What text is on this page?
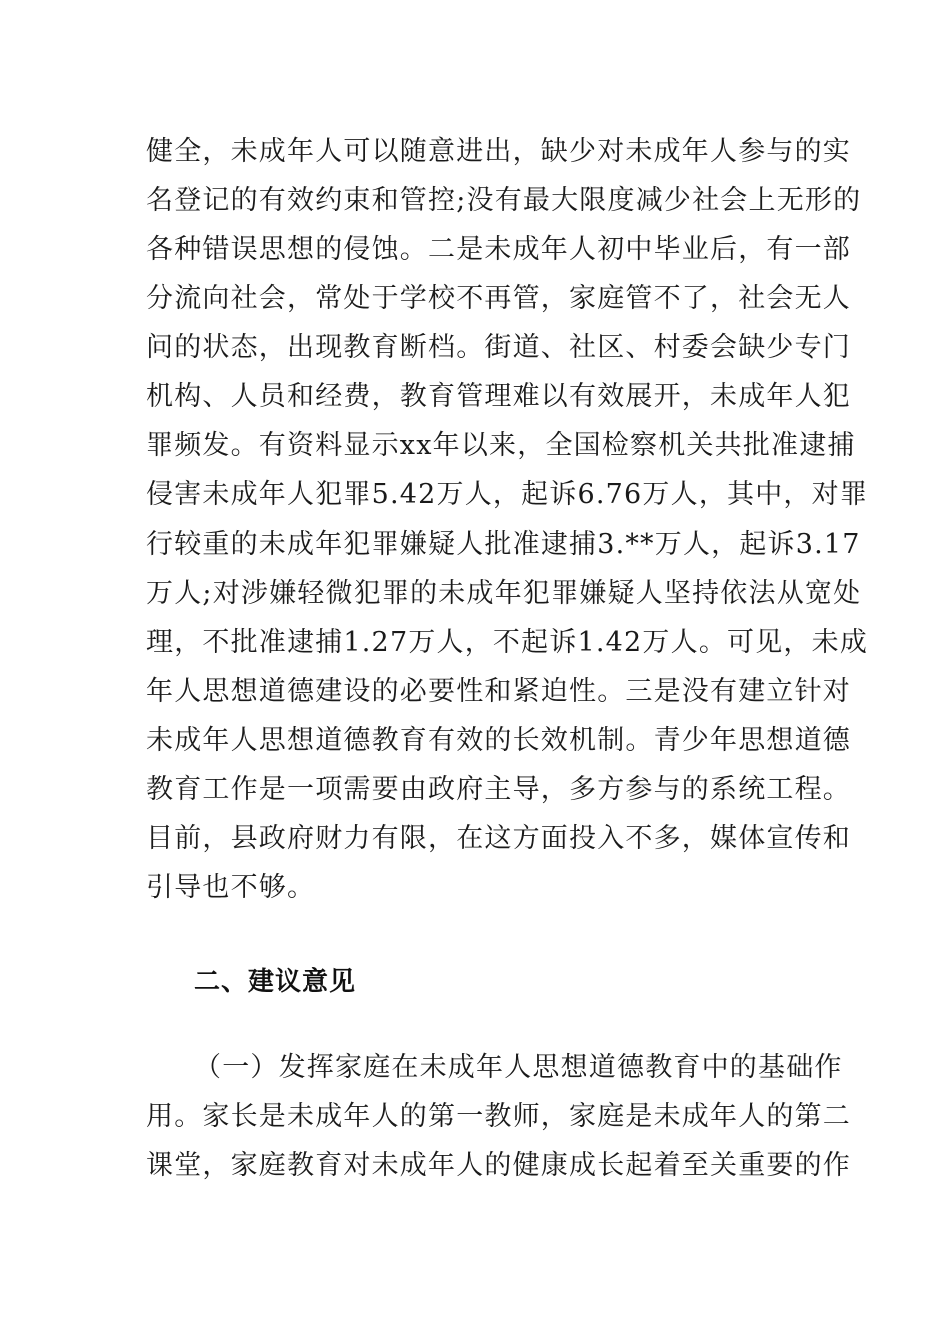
健全，未成年人可以随意进出，缺少对未成年人参与的实
名登记的有效约束和管控;没有最大限度减少社会上无形的
各种错误思想的侵蚀。二是未成年人初中毕业后，有一部
分流向社会，常处于学校不再管，家庭管不了，社会无人
问的状态，出现教育断档。街道、社区、村委会缺少专门
机构、人员和经费，教育管理难以有效展开，未成年人犯
罪频发。有资料显示xx年以来，全国检察机关共批准逮捕
侵害未成年人犯罪5.42万人，起诉6.76万人，其中，对罪
行较重的未成年犯罪嫌疑人批准逮捕3.**万人，起诉3.17
万人;对涉嫌轻微犯罪的未成年犯罪嫌疑人坚持依法从宽处
理，不批准逮捕1.27万人，不起诉1.42万人。可见，未成
年人思想道德建设的必要性和紧迫性。三是没有建立针对
未成年人思想道德教育有效的长效机制。青少年思想道德
教育工作是一项需要由政府主导，多方参与的系统工程。
目前，县政府财力有限，在这方面投入不多，媒体宣传和
引导也不够。
二、建议意见
（一）发挥家庭在未成年人思想道德教育中的基础作
用。家长是未成年人的第一教师，家庭是未成年人的第二
课堂，家庭教育对未成年人的健康成长起着至关重要的作
